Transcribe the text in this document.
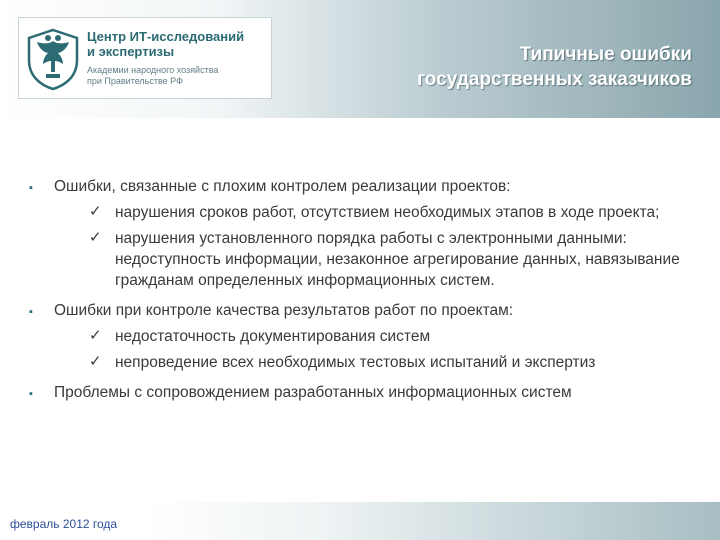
Центр ИТ-исследований
и экспертизы
Академии народного хозяйства
при Правительстве РФ
Типичные ошибки
государственных заказчиков
▪ Ошибки, связанные с плохим контролем реализации проектов:
✓ нарушения сроков работ, отсутствием необходимых этапов в ходе проекта;
✓ нарушения установленного порядка работы с электронными данными: недоступность информации, незаконное агрегирование данных, навязывание гражданам определенных информационных систем.
▪ Ошибки при контроле качества результатов работ по проектам:
✓ недостаточность документирования систем
✓ непроведение всех необходимых тестовых испытаний и экспертиз
▪ Проблемы с сопровождением разработанных информационных систем
февраль 2012 года
